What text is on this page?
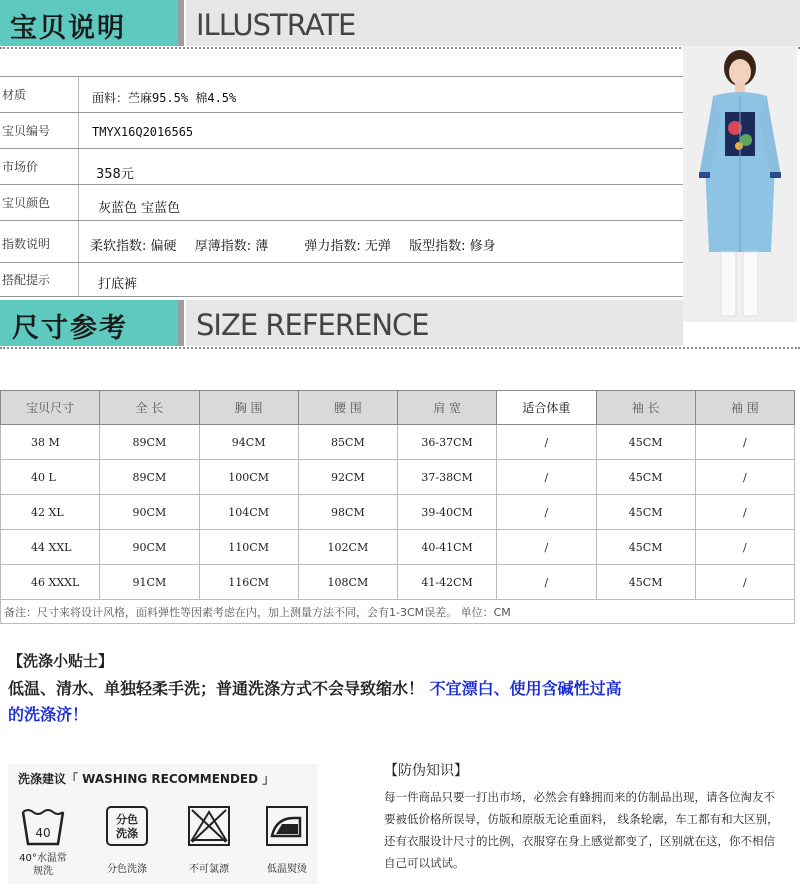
宝贝说明 ILLUSTRATE
材质	面料：苎麻95.5% 棉4.5%
宝贝编号	TMYX16Q2016565
市场价	358元
宝贝颜色	灰蓝色 宝蓝色
指数说明	柔软指数: 偏硬 厚薄指数: 薄	弹力指数: 无弹 版型指数: 修身
搭配提示	打底裤
尺寸参考 SIZE REFERENCE
宝贝尺寸	全 长	胸 围	腰 围	肩 宽	适合体重	袖 长	袖 围
38 M	89CM	94CM	85CM	36-37CM	/	45CM	/
40 L	89CM	100CM	92CM	37-38CM	/	45CM	/
42 XL	90CM	104CM	98CM	39-40CM	/	45CM	/
44 XXL	90CM	110CM	102CM	40-41CM	/	45CM	/
46 XXXL	91CM	116CM	108CM	41-42CM	/	45CM	/
备注：尺寸来将设计风格，面料弹性等因素考虑在内，加上测量方法不同，会有1-3CM误差。 单位：CM
【洗涤小贴士】
低温、清水、单独轻柔手洗；普通洗涤方式不会导致缩水！ 不宜漂白、使用含碱性过高
的洗涤济！
洗涤建议「 WASHING RECOMMENDED 」
40
40°水温常规洗
分色
洗涤
分色洗涤	不可氯漂	低温熨烫
【防伪知识】
每一件商品只要一打出市场，必然会有蜂拥而来的仿制品出现，请各位淘友不要被低价格所误导，仿版和原版无论重面料， 线条轮廓，车工都有和大区别，还有衣服设计尺寸的比例，衣服穿在身上感觉都变了，区别就在这，你不相信自己可以试试。
